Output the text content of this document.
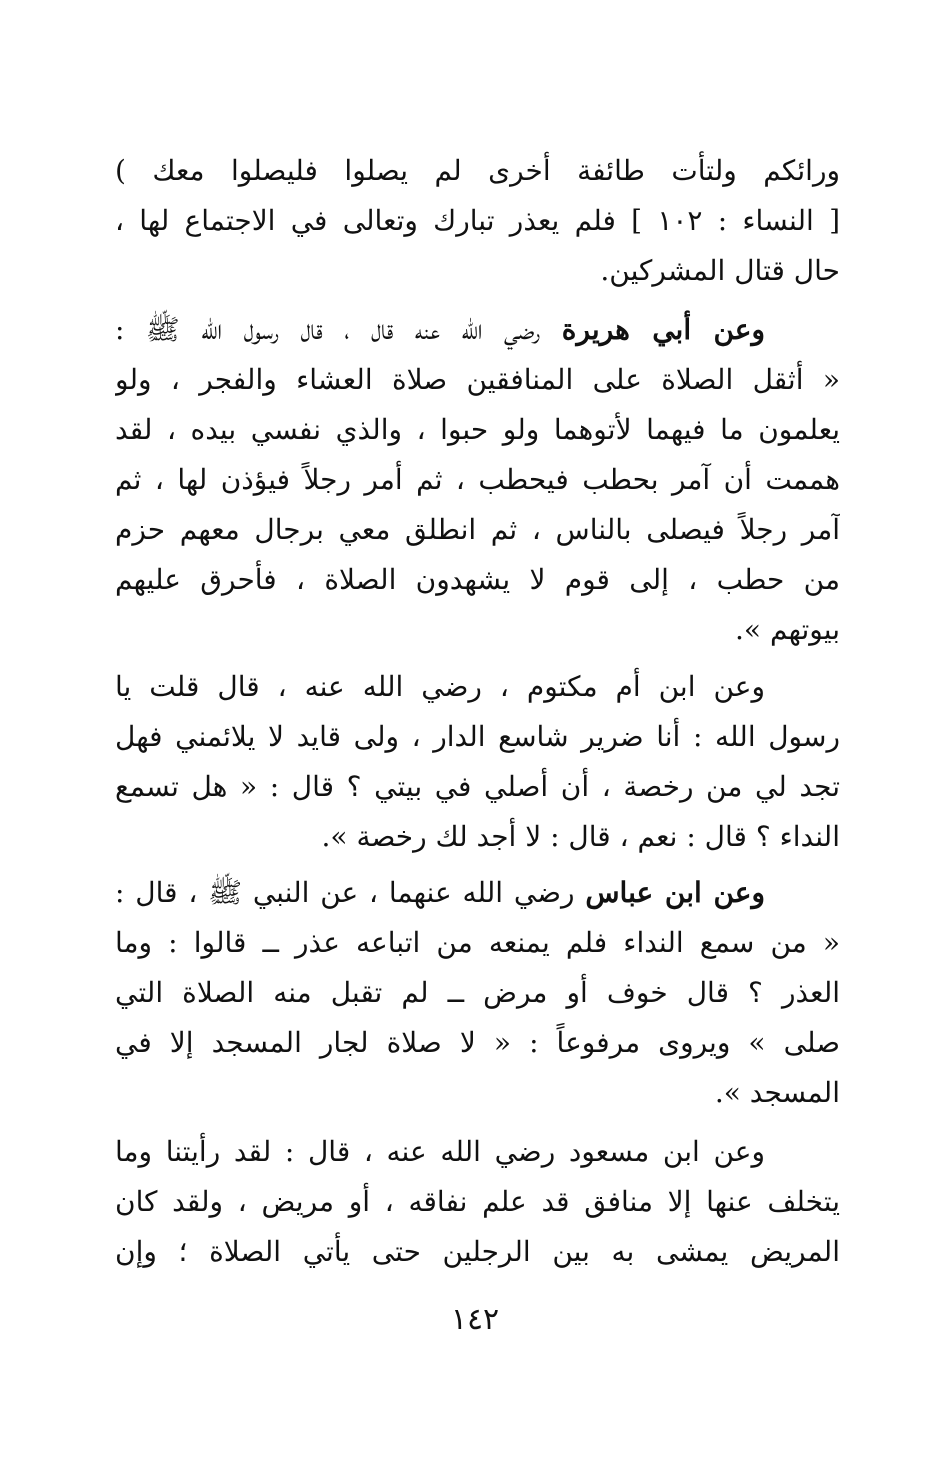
ورائكم ولتأت طائفة أخرى لم يصلوا فليصلوا معك )
[ النساء : ١٠٢ ] فلم يعذر تبارك وتعالى في الاجتماع لها ،
حال قتال المشركين.
وعن أبي هريرة رضي الله عنه قال ، قال رسول الله ﷺ :
« أثقل الصلاة على المنافقين صلاة العشاء والفجر ، ولو
يعلمون ما فيهما لأتوهما ولو حبوا ، والذي نفسي بيده ، لقد
هممت أن آمر بحطب فيحطب ، ثم أمر رجلاً فيؤذن لها ، ثم
آمر رجلاً فيصلى بالناس ، ثم انطلق معي برجال معهم حزم
من حطب ، إلى قوم لا يشهدون الصلاة ، فأحرق عليهم
بيوتهم ».
وعن ابن أم مكتوم ، رضي الله عنه ، قال قلت يا
رسول الله : أنا ضرير شاسع الدار ، ولى قايد لا يلائمني فهل
تجد لي من رخصة ، أن أصلي في بيتي ؟ قال : « هل تسمع
النداء ؟ قال : نعم ، قال : لا أجد لك رخصة ».
وعن ابن عباس رضي الله عنهما ، عن النبي ﷺ ، قال :
« من سمع النداء فلم يمنعه من اتباعه عذر ــ قالوا : وما
العذر ؟ قال خوف أو مرض ــ لم تقبل منه الصلاة التي
صلى » ويروى مرفوعاً : « لا صلاة لجار المسجد إلا في
المسجد ».
وعن ابن مسعود رضي الله عنه ، قال : لقد رأيتنا وما
يتخلف عنها إلا منافق قد علم نفاقه ، أو مريض ، ولقد كان
المريض يمشى به بين الرجلين حتى يأتي الصلاة ؛ وإن
١٤٢
